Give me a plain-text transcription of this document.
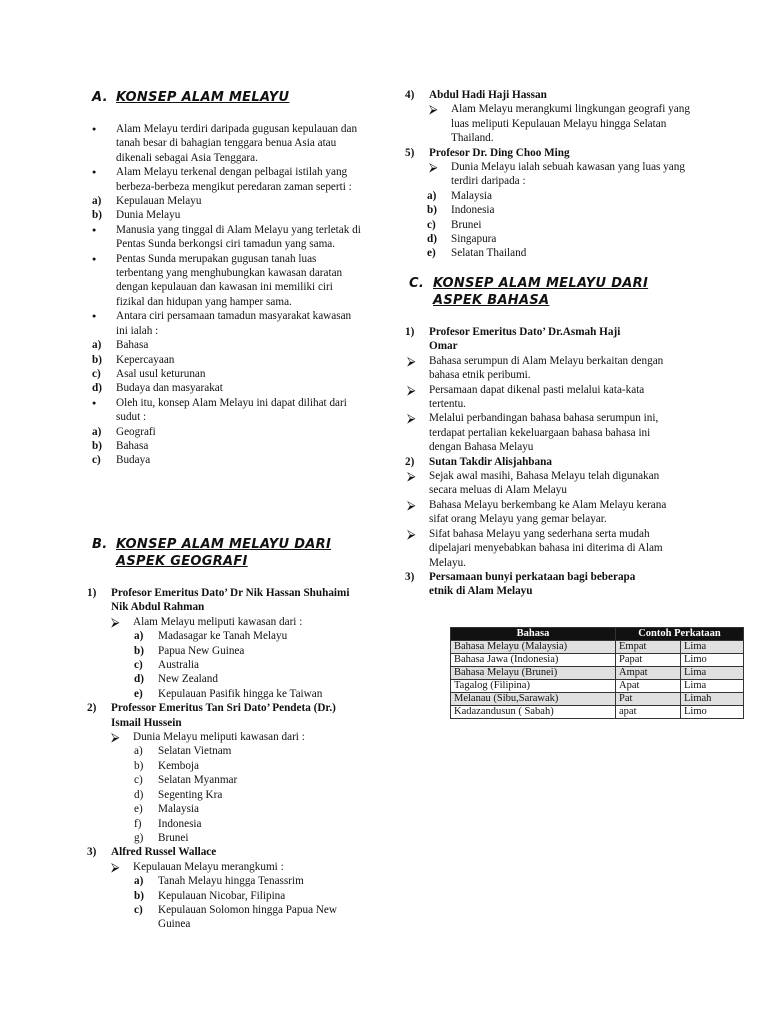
A. KONSEP ALAM MELAYU
● Alam Melayu terdiri daripada gugusan kepulauan dan tanah besar di bahagian tenggara benua Asia atau dikenali sebagai Asia Tenggara.
● Alam Melayu terkenal dengan pelbagai istilah yang berbeza-berbeza mengikut peredaran zaman seperti :
a) Kepulauan Melayu
b) Dunia Melayu
● Manusia yang tinggal di Alam Melayu yang terletak di Pentas Sunda berkongsi ciri tamadun yang sama.
● Pentas Sunda merupakan gugusan tanah luas terbentang yang menghubungkan kawasan daratan dengan kepulauan dan kawasan ini memiliki ciri fizikal dan hidupan yang hamper sama.
● Antara ciri persamaan tamadun masyarakat kawasan ini ialah :
a) Bahasa
b) Kepercayaan
c) Asal usul keturunan
d) Budaya dan masyarakat
● Oleh itu, konsep Alam Melayu ini dapat dilihat dari sudut :
a) Geografi
b) Bahasa
c) Budaya
B. KONSEP ALAM MELAYU DARI
ASPEK GEOGRAFI
1) Profesor Emeritus Dato’ Dr Nik Hassan Shuhaimi Nik Abdul Rahman
⮚ Alam Melayu meliputi kawasan dari :
a) Madasagar ke Tanah Melayu
b) Papua New Guinea
c) Australia
d) New Zealand
e) Kepulauan Pasifik hingga ke Taiwan
2) Professor Emeritus Tan Sri Dato’ Pendeta (Dr.) Ismail Hussein
⮚ Dunia Melayu meliputi kawasan dari :
a) Selatan Vietnam
b) Kemboja
c) Selatan Myanmar
d) Segenting Kra
e) Malaysia
f) Indonesia
g) Brunei
3) Alfred Russel Wallace
⮚ Kepulauan Melayu merangkumi :
a) Tanah Melayu hingga Tenassrim
b) Kepulauan Nicobar, Filipina
c) Kepulauan Solomon hingga Papua New Guinea
4) Abdul Hadi Haji Hassan
⮚ Alam Melayu merangkumi lingkungan geografi yang luas meliputi Kepulauan Melayu hingga Selatan Thailand.
5) Profesor Dr. Ding Choo Ming
⮚ Dunia Melayu ialah sebuah kawasan yang luas yang terdiri daripada :
a) Malaysia
b) Indonesia
c) Brunei
d) Singapura
e) Selatan Thailand
C. KONSEP ALAM MELAYU DARI
ASPEK BAHASA
1) Profesor Emeritus Dato’ Dr.Asmah Haji Omar
⮚ Bahasa serumpun di Alam Melayu berkaitan dengan bahasa etnik peribumi.
⮚ Persamaan dapat dikenal pasti melalui kata-kata tertentu.
⮚ Melalui perbandingan bahasa bahasa serumpun ini, terdapat pertalian kekeluargaan bahasa bahasa ini dengan Bahasa Melayu
2) Sutan Takdir Alisjahbana
⮚ Sejak awal masihi, Bahasa Melayu telah digunakan secara meluas di Alam Melayu
⮚ Bahasa Melayu berkembang ke Alam Melayu kerana sifat orang Melayu yang gemar belayar.
⮚ Sifat bahasa Melayu yang sederhana serta mudah dipelajari menyebabkan bahasa ini diterima di Alam Melayu.
3) Persamaan bunyi perkataan bagi beberapa etnik di Alam Melayu
Bahasa	Contoh Perkataan	
Bahasa Melayu (Malaysia)	Empat	Lima
Bahasa Jawa (Indonesia)	Papat	Limo
Bahasa Melayu (Brunei)	Ampat	Lima
Tagalog (Filipina)	Apat	Lima
Melanau (Sibu,Sarawak)	Pat	Limah
Kadazandusun ( Sabah)	apat	Limo
